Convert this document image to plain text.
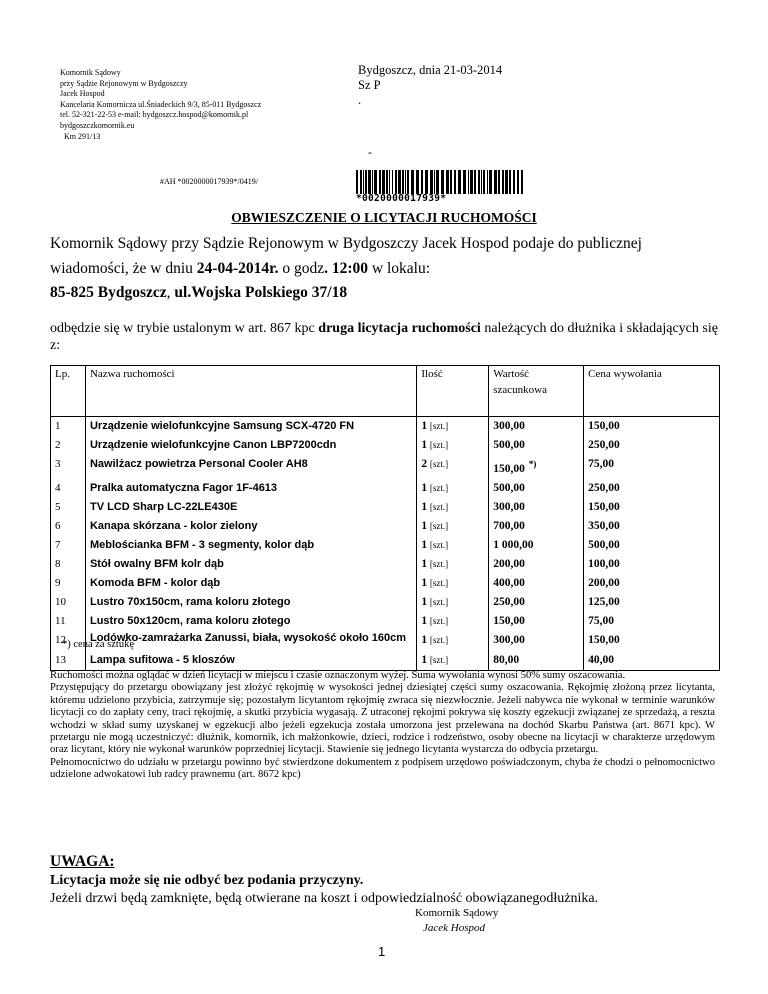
Komornik Sądowy
przy Sądzie Rejonowym w Bydgoszczy
Jacek Hospod
Kancelaria Komornicza ul.Śniadeckich 9/3, 85-011 Bydgoszcz
tel. 52-321-22-53 e-mail: bydgoszcz.hospod@komornik.pl
bydgoszczkomornik.eu
Km 291/13
Bydgoszcz, dnia 21-03-2014
Sz P
.
-
#AH *0020000017939*/0419/
*0020000017939*
OBWIESZCZENIE O LICYTACJI RUCHOMOŚCI
Komornik Sądowy przy Sądzie Rejonowym w Bydgoszczy Jacek Hospod podaje do publicznej
wiadomości, że w dniu 24-04-2014r. o godz. 12:00 w lokalu:
85-825 Bydgoszcz, ul.Wojska Polskiego 37/18
odbędzie się w trybie ustalonym w art. 867 kpc druga licytacja ruchomości należących do dłużnika i składających się z:
Lp.	Nazwa ruchomości	Ilość	Wartość szacunkowa	Cena wywołania
1	Urządzenie wielofunkcyjne Samsung SCX-4720 FN	1 [szt.]	300,00	150,00
2	Urządzenie wielofunkcyjne Canon LBP7200cdn	1 [szt.]	500,00	250,00
3	Nawilżacz powietrza Personal Cooler AH8	2 [szt.]	150,00 *)	75,00
4	Pralka automatyczna Fagor 1F-4613	1 [szt.]	500,00	250,00
5	TV LCD Sharp LC-22LE430E	1 [szt.]	300,00	150,00
6	Kanapa skórzana - kolor zielony	1 [szt.]	700,00	350,00
7	Meblościanka BFM - 3 segmenty, kolor dąb	1 [szt.]	1 000,00	500,00
8	Stół owalny BFM kolr dąb	1 [szt.]	200,00	100,00
9	Komoda BFM - kolor dąb	1 [szt.]	400,00	200,00
10	Lustro 70x150cm, rama koloru złotego	1 [szt.]	250,00	125,00
11	Lustro 50x120cm, rama koloru złotego	1 [szt.]	150,00	75,00
12	Lodówko-zamrażarka Zanussi, biała, wysokość około 160cm	1 [szt.]	300,00	150,00
13	Lampa sufitowa - 5 kloszów	1 [szt.]	80,00	40,00
*) cena za sztukę

Ruchomości można oglądać w dzień licytacji w miejscu i czasie oznaczonym wyżej. Suma wywołania wynosi 50% sumy oszacowania.

Przystępujący do przetargu obowiązany jest złożyć rękojmię w wysokości jednej dziesiątej części sumy oszacowania. Rękojmię złożoną przez licytanta, któremu udzielono przybicia, zatrzymuje się; pozostałym licytantom rękojmię zwraca się niezwłocznie. Jeżeli nabywca nie wykonał w terminie warunków licytacji co do zapłaty ceny, traci rękojmię, a skutki przybicia wygasają. Z utraconej rękojmi pokrywa się koszty egzekucji związanej ze sprzedażą, a reszta wchodzi w skład sumy uzyskanej w egzekucji albo jeżeli egzekucja została umorzona jest przelewana na dochód Skarbu Państwa (art. 8671 kpc). W przetargu nie mogą uczestniczyć: dłużnik, komornik, ich małżonkowie, dzieci, rodzice i rodzeństwo, osoby obecne na licytacji w charakterze urzędowym oraz licytant, który nie wykonał warunków poprzedniej licytacji. Stawienie się jednego licytanta wystarcza do odbycia przetargu.

Pełnomocnictwo do udziału w przetargu powinno być stwierdzone dokumentem z podpisem urzędowo poświadczonym, chyba że chodzi o pełnomocnictwo udzielone adwokatowi lub radcy prawnemu (art. 8672 kpc)

UWAGA:
Licytacja może się nie odbyć bez podania przyczyny.
Jeżeli drzwi będą zamknięte, będą otwierane na koszt i odpowiedzialność obowiązanegodłużnika.
Komornik Sądowy
Jacek Hospod
1
